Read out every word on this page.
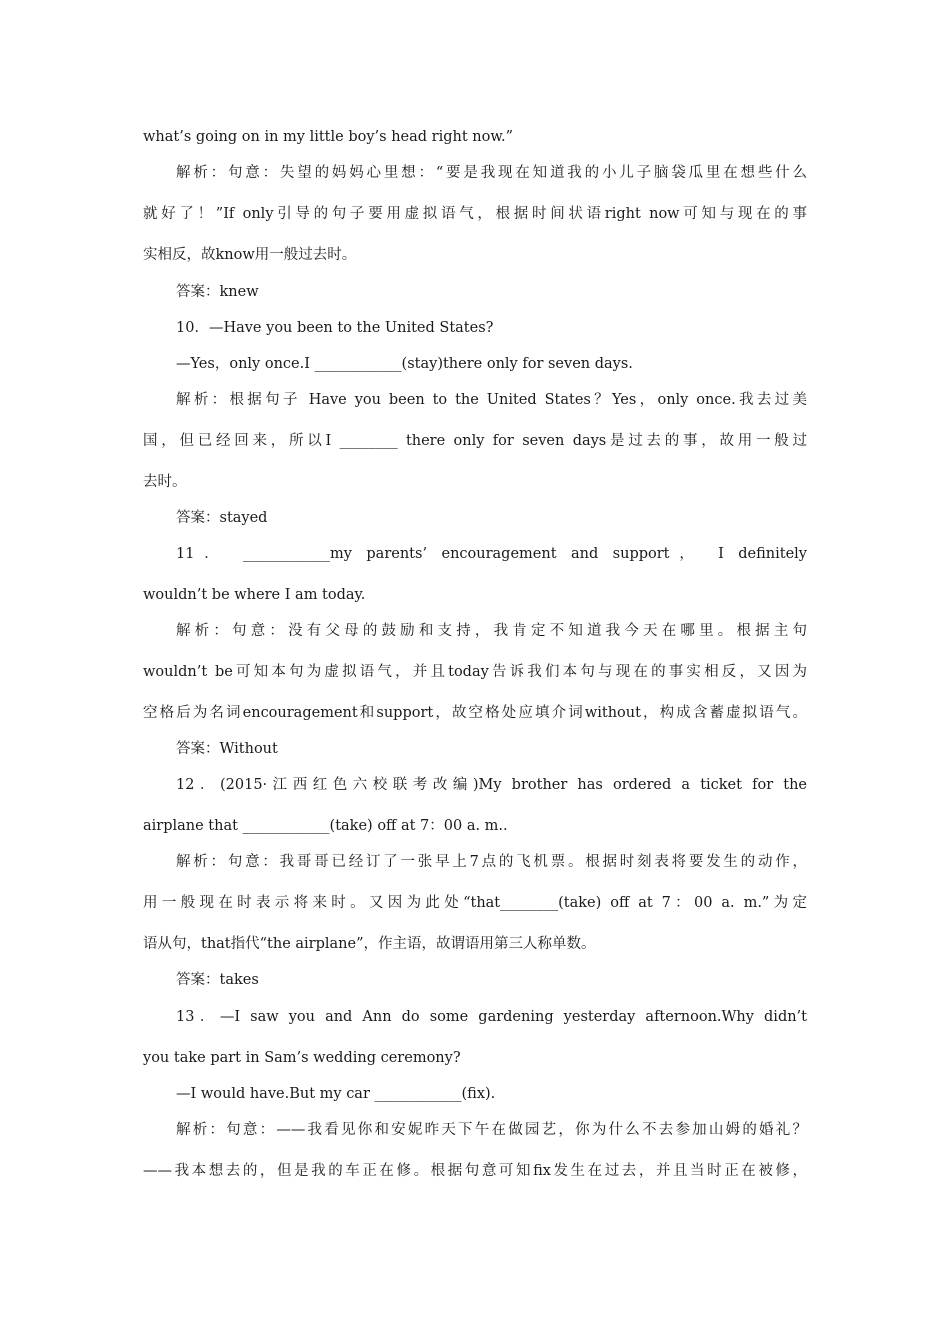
what’s going on in my little boy’s head right now.”
解析：句意：失望的妈妈心里想：“要是我现在知道我的小儿子脑袋瓜里在想些什么
就好了！”If only引导的句子要用虚拟语气，根据时间状语right now可知与现在的事
实相反，故know用一般过去时。
答案：knew
10．—Have you been to the United States?
—Yes，only once.I ____________(stay)there only for seven days.
解析：根据句子 Have you been to the United States？Yes，only once.我去过美
国，但已经回来，所以I ________ there only for seven days是过去的事，故用一般过
去时。
答案：stayed
11． ____________my parents’ encouragement and support， I definitely
wouldn’t be where I am today.
解析：句意：没有父母的鼓励和支持，我肯定不知道我今天在哪里。根据主句
wouldn’t be可知本句为虚拟语气，并且today告诉我们本句与现在的事实相反，又因为
空格后为名词encouragement和support，故空格处应填介词without，构成含蓄虚拟语气。
答案：Without
12．(2015·江西红色六校联考改编)My brother has ordered a ticket for the
airplane that ____________(take) off at 7：00 a. m..
解析：句意：我哥哥已经订了一张早上7点的飞机票。根据时刻表将要发生的动作，
用一般现在时表示将来时。又因为此处“that________(take) off at 7：00 a. m.”为定
语从句，that指代“the airplane”，作主语，故谓语用第三人称单数。
答案：takes
13．—I saw you and Ann do some gardening yesterday afternoon.Why didn’t
you take part in Sam’s wedding ceremony?
—I would have.But my car ____________(fix).
解析：句意：——我看见你和安妮昨天下午在做园艺，你为什么不去参加山姆的婚礼？
——我本想去的，但是我的车正在修。根据句意可知fix发生在过去，并且当时正在被修，
